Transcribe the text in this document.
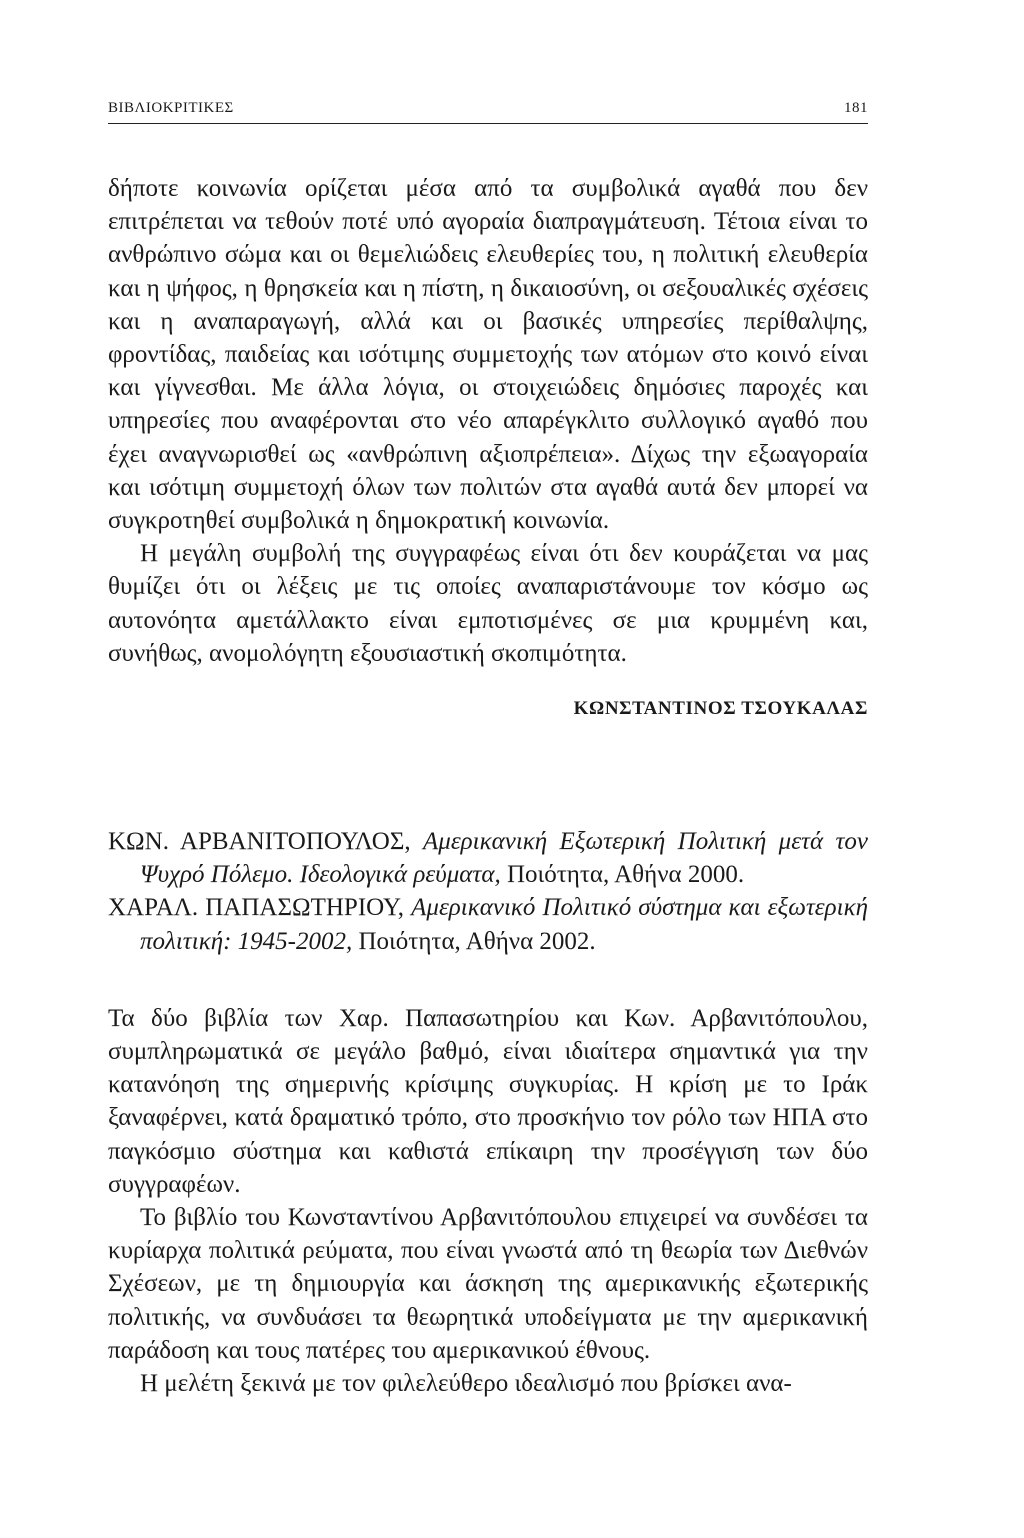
ΒΙΒΛΙΟΚΡΙΤΙΚΕΣ	181

δήποτε κοινωνία ορίζεται μέσα από τα συμβολικά αγαθά που δεν επιτρέπεται να τεθούν ποτέ υπό αγοραία διαπραγμάτευση. Τέτοια είναι το ανθρώπινο σώμα και οι θεμελιώδεις ελευθερίες του, η πολιτική ελευθερία και η ψήφος, η θρησκεία και η πίστη, η δικαιοσύνη, οι σεξουαλικές σχέσεις και η αναπαραγωγή, αλλά και οι βασικές υπηρεσίες περίθαλψης, φροντίδας, παιδείας και ισότιμης συμμετοχής των ατόμων στο κοινό είναι και γίγνεσθαι. Με άλλα λόγια, οι στοιχειώδεις δημόσιες παροχές και υπηρεσίες που αναφέρονται στο νέο απαρέγκλιτο συλλογικό αγαθό που έχει αναγνωρισθεί ως «ανθρώπινη αξιοπρέπεια». Δίχως την εξωαγοραία και ισότιμη συμμετοχή όλων των πολιτών στα αγαθά αυτά δεν μπορεί να συγκροτηθεί συμβολικά η δημοκρατική κοινωνία.

Η μεγάλη συμβολή της συγγραφέως είναι ότι δεν κουράζεται να μας θυμίζει ότι οι λέξεις με τις οποίες αναπαριστάνουμε τον κόσμο ως αυτονόητα αμετάλλακτο είναι εμποτισμένες σε μια κρυμμένη και, συνήθως, ανομολόγητη εξουσιαστική σκοπιμότητα.

ΚΩΝΣΤΑΝΤΙΝΟΣ ΤΣΟΥΚΑΛΑΣ
ΚΩΝ. ΑΡΒΑΝΙΤΟΠΟΥΛΟΣ, Αμερικανική Εξωτερική Πολιτική μετά τον Ψυχρό Πόλεμο. Ιδεολογικά ρεύματα, Ποιότητα, Αθήνα 2000.
ΧΑΡΑΛ. ΠΑΠΑΣΩΤΗΡΙΟΥ, Αμερικανικό Πολιτικό σύστημα και εξωτερική πολιτική: 1945-2002, Ποιότητα, Αθήνα 2002.

Τα δύο βιβλία των Χαρ. Παπασωτηρίου και Κων. Αρβανιτόπουλου, συμπληρωματικά σε μεγάλο βαθμό, είναι ιδιαίτερα σημαντικά για την κατανόηση της σημερινής κρίσιμης συγκυρίας. Η κρίση με το Ιράκ ξαναφέρνει, κατά δραματικό τρόπο, στο προσκήνιο τον ρόλο των ΗΠΑ στο παγκόσμιο σύστημα και καθιστά επίκαιρη την προσέγγιση των δύο συγγραφέων.

Το βιβλίο του Κωνσταντίνου Αρβανιτόπουλου επιχειρεί να συνδέσει τα κυρίαρχα πολιτικά ρεύματα, που είναι γνωστά από τη θεωρία των Διεθνών Σχέσεων, με τη δημιουργία και άσκηση της αμερικανικής εξωτερικής πολιτικής, να συνδυάσει τα θεωρητικά υποδείγματα με την αμερικανική παράδοση και τους πατέρες του αμερικανικού έθνους.

Η μελέτη ξεκινά με τον φιλελεύθερο ιδεαλισμό που βρίσκει ανα-
